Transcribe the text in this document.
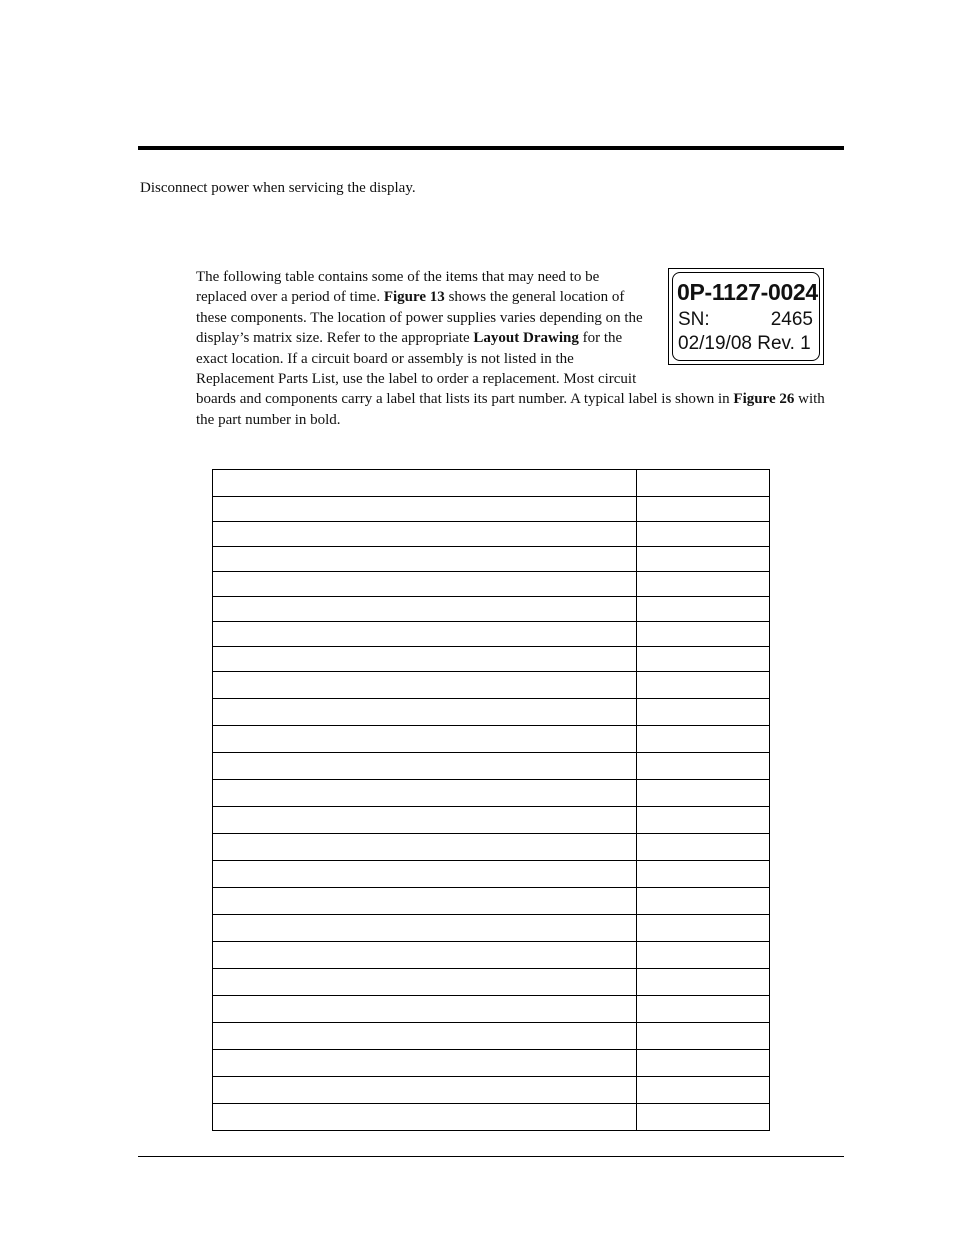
Disconnect power when servicing the display.

The following table contains some of the items that may need to be replaced over a period of time. Figure 13 shows the general location of these components. The location of power supplies varies depending on the display’s matrix size. Refer to the appropriate Layout Drawing for the exact location. If a circuit board or assembly is not listed in the Replacement Parts List, use the label to order a replacement. Most circuit boards and components carry a label that lists its part number. A typical label is shown in Figure 26 with the part number in bold.

0P-1127-0024
SN:	2465
02/19/08 Rev. 1
